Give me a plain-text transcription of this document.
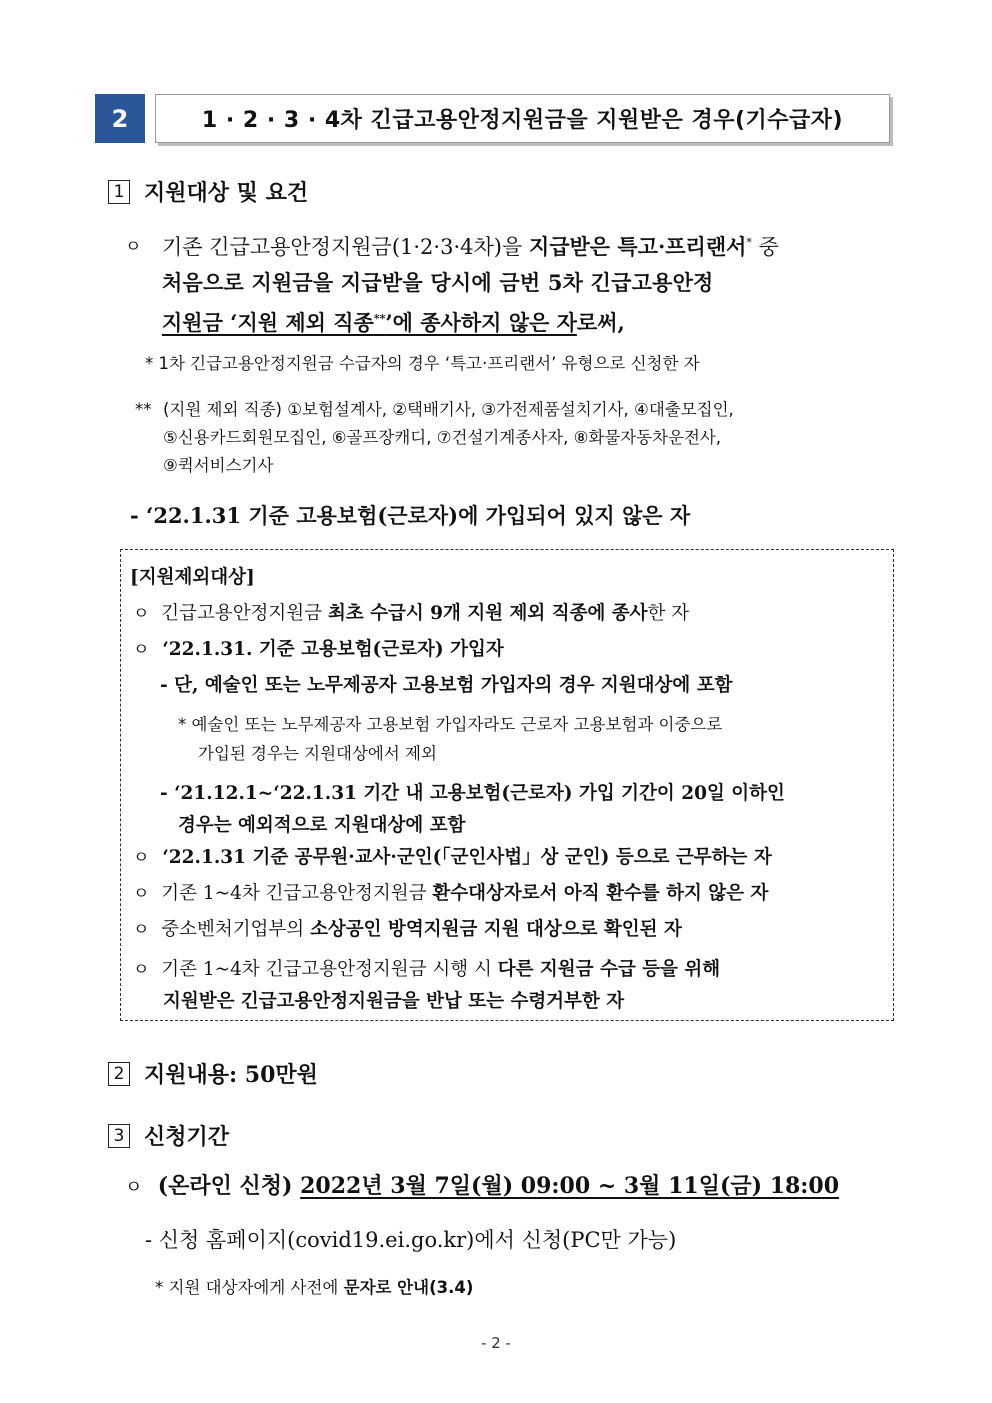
2	1 · 2 · 3 · 4차 긴급고용안정지원금을 지원받은 경우(기수급자)
1 지원대상 및 요건
ㅇ 기존 긴급고용안정지원금(1·2·3·4차)을 지급받은 특고·프리랜서* 중
처음으로 지원금을 지급받을 당시에 금번 5차 긴급고용안정
지원금 ‘지원 제외 직종**’에 종사하지 않은 자로써,
* 1차 긴급고용안정지원금 수급자의 경우 ‘특고·프리랜서’ 유형으로 신청한 자
** (지원 제외 직종) ①보험설계사, ②택배기사, ③가전제품설치기사, ④대출모집인,
⑤신용카드회원모집인, ⑥골프장캐디, ⑦건설기계종사자, ⑧화물자동차운전사,
⑨퀵서비스기사
- ‘22.1.31 기준 고용보험(근로자)에 가입되어 있지 않은 자
[지원제외대상]
ㅇ 긴급고용안정지원금 최초 수급시 9개 지원 제외 직종에 종사한 자
ㅇ ‘22.1.31. 기준 고용보험(근로자) 가입자
- 단, 예술인 또는 노무제공자 고용보험 가입자의 경우 지원대상에 포함
* 예술인 또는 노무제공자 고용보험 가입자라도 근로자 고용보험과 이중으로
가입된 경우는 지원대상에서 제외
- ‘21.12.1~‘22.1.31 기간 내 고용보험(근로자) 가입 기간이 20일 이하인
경우는 예외적으로 지원대상에 포함
ㅇ ‘22.1.31 기준 공무원·교사·군인(「군인사법」상 군인) 등으로 근무하는 자
ㅇ 기존 1~4차 긴급고용안정지원금 환수대상자로서 아직 환수를 하지 않은 자
ㅇ 중소벤처기업부의 소상공인 방역지원금 지원 대상으로 확인된 자
ㅇ 기존 1~4차 긴급고용안정지원금 시행 시 다른 지원금 수급 등을 위해
지원받은 긴급고용안정지원금을 반납 또는 수령거부한 자
2 지원내용: 50만원
3 신청기간
ㅇ (온라인 신청) 2022년 3월 7일(월) 09:00 ~ 3월 11일(금) 18:00
- 신청 홈페이지(covid19.ei.go.kr)에서 신청(PC만 가능)
* 지원 대상자에게 사전에 문자로 안내(3.4)
- 2 -
